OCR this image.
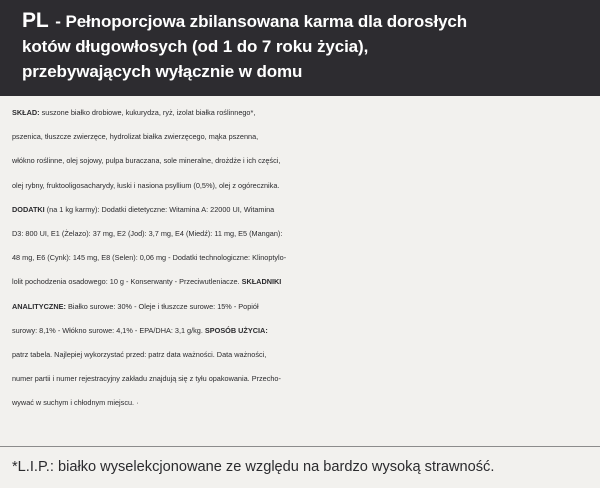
PL - Pełnoporcjowa zbilansowana karma dla dorosłych
kotów długowłosych (od 1 do 7 roku życia),
przebywających wyłącznie w domu
SKŁAD: suszone białko drobiowe, kukurydza, ryż, izolat białka roślinnego*,
pszenica, tłuszcze zwierzęce, hydrolizat białka zwierzęcego, mąka pszenna,
włókno roślinne, olej sojowy, pulpa buraczana, sole mineralne, drożdże i ich części,
olej rybny, fruktooligosacharydy, łuski i nasiona psyllium (0,5%), olej z ogórecznika.
DODATKI (na 1 kg karmy): Dodatki dietetyczne: Witamina A: 22000 UI, Witamina
D3: 800 UI, E1 (Żelazo): 37 mg, E2 (Jod): 3,7 mg, E4 (Miedź): 11 mg, E5 (Mangan):
48 mg, E6 (Cynk): 145 mg, E8 (Selen): 0,06 mg - Dodatki technologiczne: Klinoptylo-
lolit pochodzenia osadowego: 10 g - Konserwanty - Przeciwutleniacze. SKŁADNIKI
ANALITYCZNE: Białko surowe: 30% - Oleje i tłuszcze surowe: 15% - Popiół
surowy: 8,1% - Włókno surowe: 4,1% - EPA/DHA: 3,1 g/kg. SPOSÓB UŻYCIA:
patrz tabela. Najlepiej wykorzystać przed: patrz data ważności. Data ważności,
numer partii i numer rejestracyjny zakładu znajdują się z tyłu opakowania. Przecho-
wywać w suchym i chłodnym miejscu. ·
*L.I.P.: białko wyselekcjonowane ze względu na bardzo wysoką strawność.
